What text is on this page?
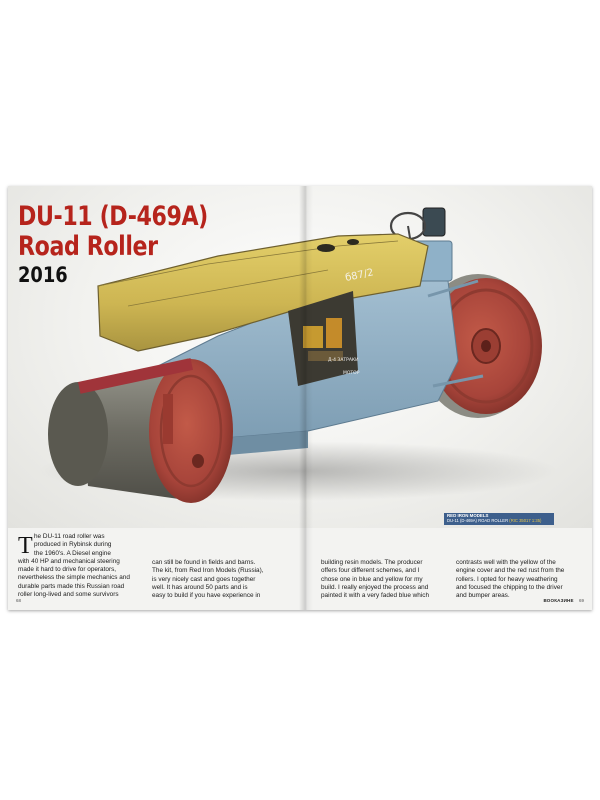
б87/2
Д-4 ЗАТРАКИ
МОТОР
DU-11 (D-469A)
Road Roller
2016
RED IRON MODELS
DU-11 (D-469A) ROAD ROLLER (RIC 35017 1:35)
T he DU-11 road roller was
produced in Rybinsk during
the 1960's. A Diesel engine
with 40 HP and mechanical steering
made it hard to drive for operators,
nevertheless the simple mechanics and
durable parts made this Russian road
roller long-lived and some survivors
can still be found in fields and barns.
The kit, from Red Iron Models (Russia),
is very nicely cast and goes together
well. It has around 50 parts and is
easy to build if you have experience in
building resin models. The producer
offers four different schemes, and I
chose one in blue and yellow for my
build. I really enjoyed the process and
painted it with a very faded blue which
contrasts well with the yellow of the
engine cover and the red rust from the
rollers. I opted for heavy weathering
and focused the chipping to the driver
and bumper areas.
68	ВООКАЗИНЕ 69
